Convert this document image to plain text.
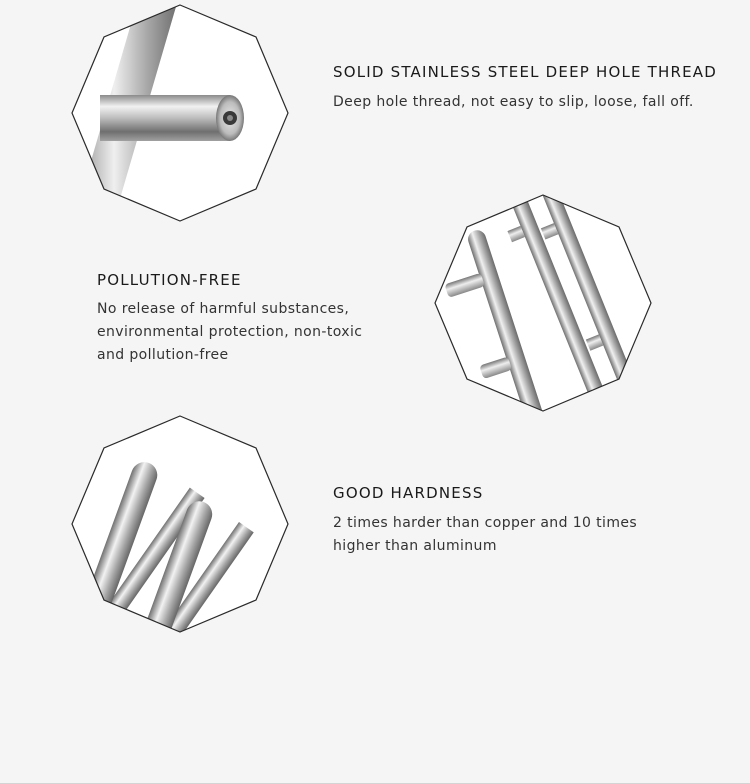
SOLID STAINLESS STEEL DEEP HOLE THREAD
Deep hole thread, not easy to slip, loose, fall off.
POLLUTION-FREE
No release of harmful substances,
environmental protection, non-toxic
and pollution-free
GOOD HARDNESS
2 times harder than copper and 10 times
higher than aluminum
